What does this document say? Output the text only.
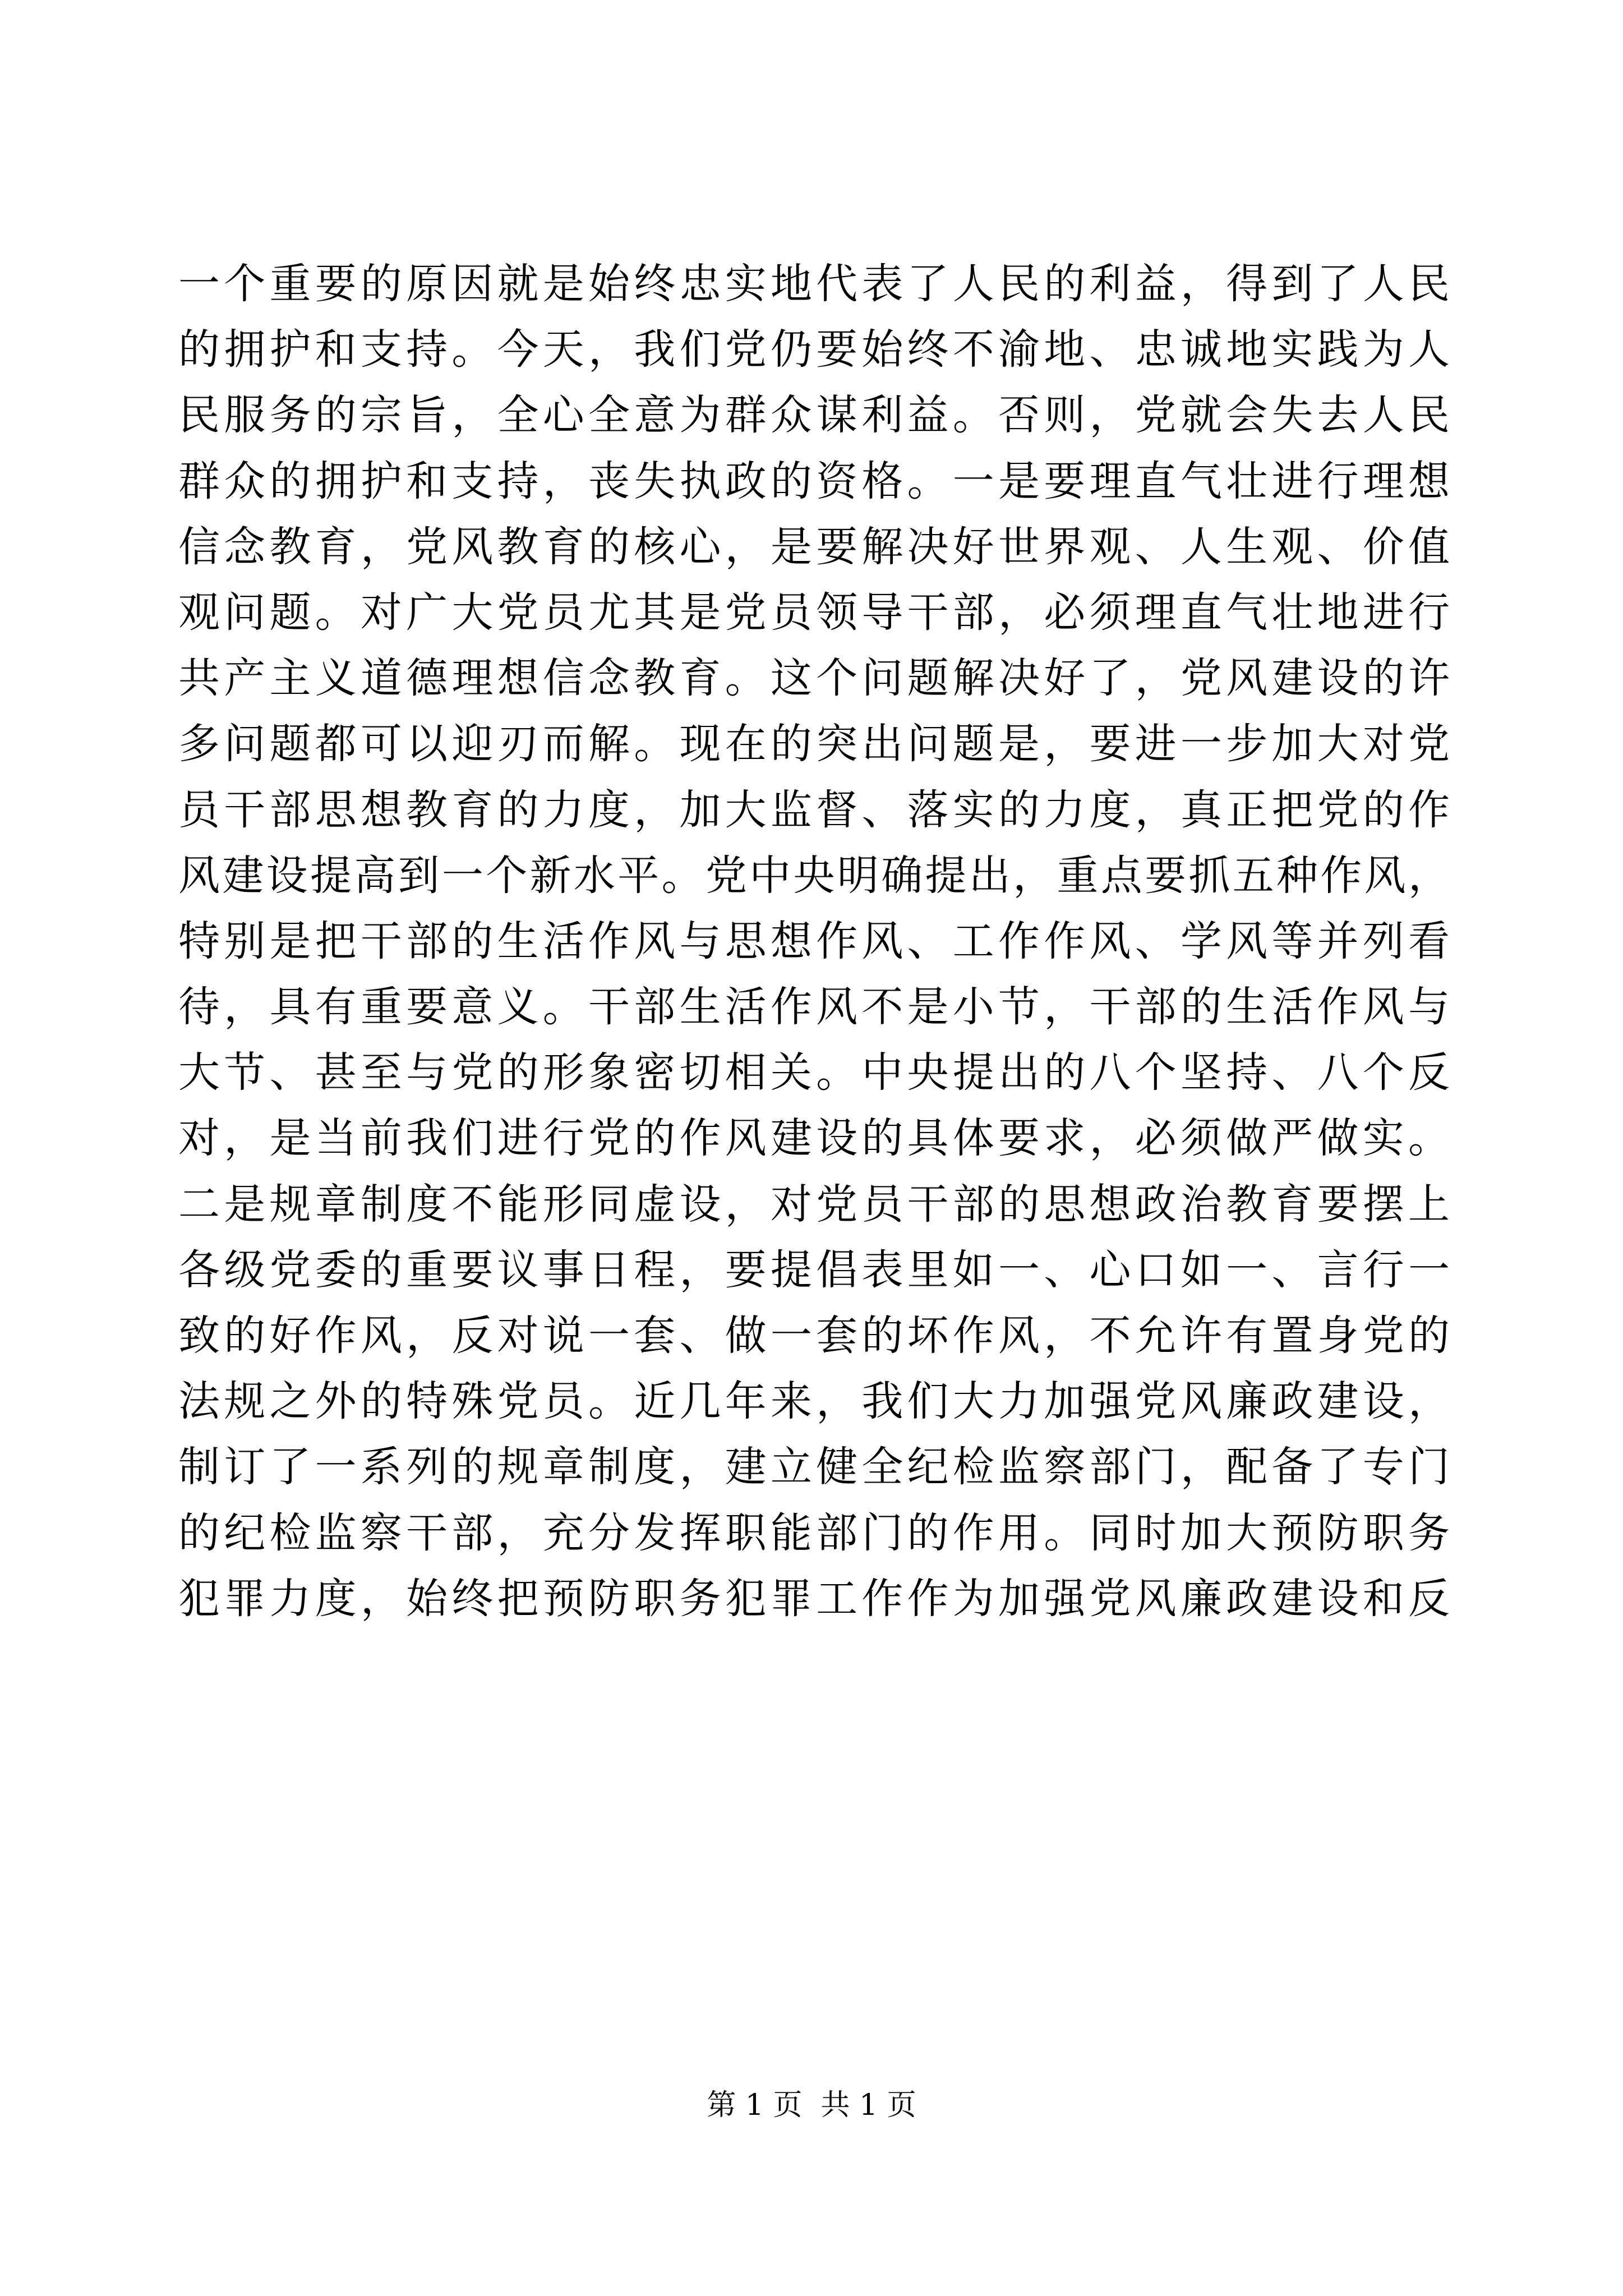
一个重要的原因就是始终忠实地代表了人民的利益，得到了人民
的拥护和支持。今天，我们党仍要始终不渝地、忠诚地实践为人
民服务的宗旨，全心全意为群众谋利益。否则，党就会失去人民
群众的拥护和支持，丧失执政的资格。一是要理直气壮进行理想
信念教育，党风教育的核心，是要解决好世界观、人生观、价值
观问题。对广大党员尤其是党员领导干部，必须理直气壮地进行
共产主义道德理想信念教育。这个问题解决好了，党风建设的许
多问题都可以迎刃而解。现在的突出问题是，要进一步加大对党
员干部思想教育的力度，加大监督、落实的力度，真正把党的作
风建设提高到一个新水平。党中央明确提出，重点要抓五种作风，
特别是把干部的生活作风与思想作风、工作作风、学风等并列看
待，具有重要意义。干部生活作风不是小节，干部的生活作风与
大节、甚至与党的形象密切相关。中央提出的八个坚持、八个反
对，是当前我们进行党的作风建设的具体要求，必须做严做实。
二是规章制度不能形同虚设，对党员干部的思想政治教育要摆上
各级党委的重要议事日程，要提倡表里如一、心口如一、言行一
致的好作风，反对说一套、做一套的坏作风，不允许有置身党的
法规之外的特殊党员。近几年来，我们大力加强党风廉政建设，
制订了一系列的规章制度，建立健全纪检监察部门，配备了专门
的纪检监察干部，充分发挥职能部门的作用。同时加大预防职务
犯罪力度，始终把预防职务犯罪工作作为加强党风廉政建设和反
第 1 页  共 1 页
